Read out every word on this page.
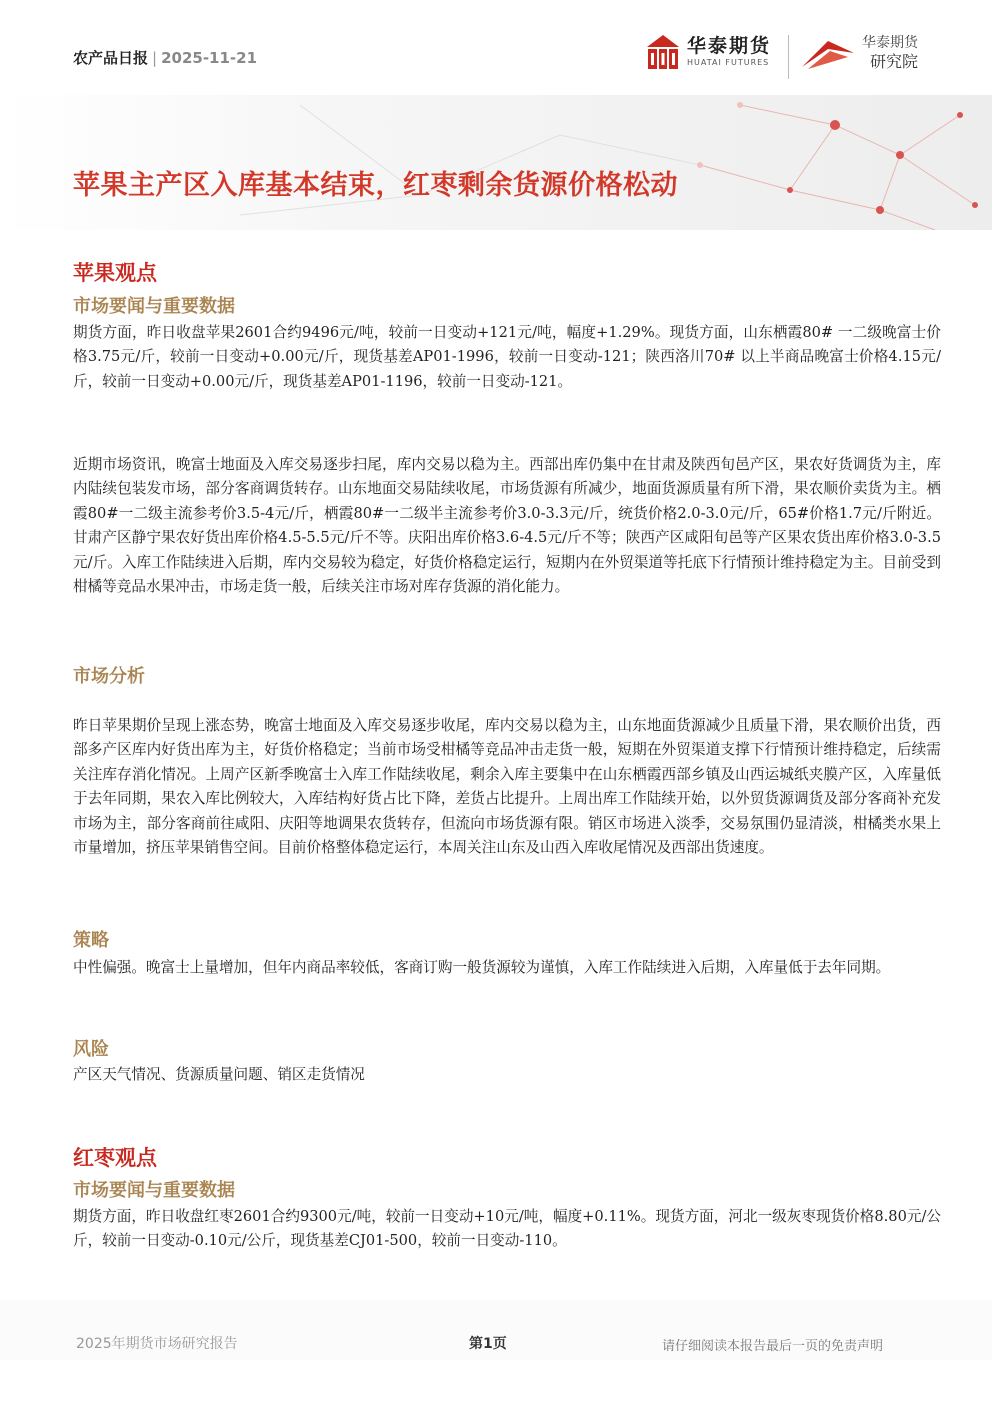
农产品日报 | 2025-11-21
华泰期货
HUATAI FUTURES
华泰期货
研究院
苹果主产区入库基本结束，红枣剩余货源价格松动
苹果观点
市场要闻与重要数据

期货方面，昨日收盘苹果2601合约9496元/吨，较前一日变动+121元/吨，幅度+1.29%。现货方面，山东栖霞80# 一二级晚富士价格3.75元/斤，较前一日变动+0.00元/斤，现货基差AP01-1996，较前一日变动-121；陕西洛川70# 以上半商品晚富士价格4.15元/斤，较前一日变动+0.00元/斤，现货基差AP01-1196，较前一日变动-121。

近期市场资讯，晚富士地面及入库交易逐步扫尾，库内交易以稳为主。西部出库仍集中在甘肃及陕西旬邑产区，果农好货调货为主，库内陆续包装发市场，部分客商调货转存。山东地面交易陆续收尾，市场货源有所减少，地面货源质量有所下滑，果农顺价卖货为主。栖霞80#一二级主流参考价3.5-4元/斤，栖霞80#一二级半主流参考价3.0-3.3元/斤，统货价格2.0-3.0元/斤，65#价格1.7元/斤附近。甘肃产区静宁果农好货出库价格4.5-5.5元/斤不等。庆阳出库价格3.6-4.5元/斤不等；陕西产区咸阳旬邑等产区果农货出库价格3.0-3.5元/斤。入库工作陆续进入后期，库内交易较为稳定，好货价格稳定运行，短期内在外贸渠道等托底下行情预计维持稳定为主。目前受到柑橘等竞品水果冲击，市场走货一般，后续关注市场对库存货源的消化能力。

市场分析

昨日苹果期价呈现上涨态势，晚富士地面及入库交易逐步收尾，库内交易以稳为主，山东地面货源减少且质量下滑，果农顺价出货，西部多产区库内好货出库为主，好货价格稳定；当前市场受柑橘等竞品冲击走货一般，短期在外贸渠道支撑下行情预计维持稳定，后续需关注库存消化情况。上周产区新季晚富士入库工作陆续收尾，剩余入库主要集中在山东栖霞西部乡镇及山西运城纸夹膜产区，入库量低于去年同期，果农入库比例较大，入库结构好货占比下降，差货占比提升。上周出库工作陆续开始，以外贸货源调货及部分客商补充发市场为主，部分客商前往咸阳、庆阳等地调果农货转存，但流向市场货源有限。销区市场进入淡季，交易氛围仍显清淡，柑橘类水果上市量增加，挤压苹果销售空间。目前价格整体稳定运行，本周关注山东及山西入库收尾情况及西部出货速度。

策略

中性偏强。晚富士上量增加，但年内商品率较低，客商订购一般货源较为谨慎，入库工作陆续进入后期，入库量低于去年同期。

风险

产区天气情况、货源质量问题、销区走货情况

红枣观点
市场要闻与重要数据

期货方面，昨日收盘红枣2601合约9300元/吨，较前一日变动+10元/吨，幅度+0.11%。现货方面，河北一级灰枣现货价格8.80元/公斤，较前一日变动-0.10元/公斤，现货基差CJ01-500，较前一日变动-110。

2025年期货市场研究报告	第1页	请仔细阅读本报告最后一页的免责声明
